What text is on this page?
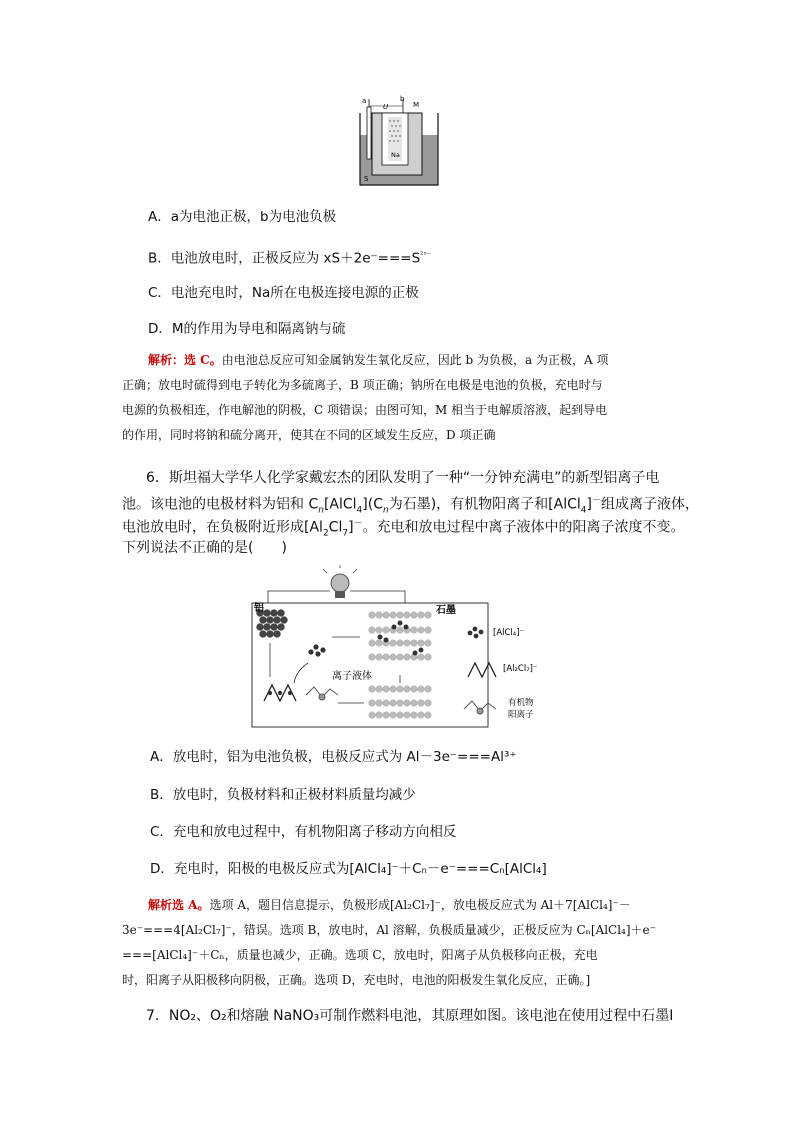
a
U
b
M
Na
S
A．a为电池正极，b为电池负极
B．电池放电时，正极反应为 $xS+2e^-===S^{^2ˣ^-}$
C．电池充电时，Na所在电极连接电源的正极
D．M的作用为导电和隔离钠与硫
解析：选 C。由电池总反应可知金属钠发生氧化反应，因此 b 为负极，a 为正极，A 项
正确；放电时硫得到电子转化为多硫离子，B 项正确；钠所在电极是电池的负极，充电时与
电源的负极相连，作电解池的阴极，C 项错误；由图可知，M 相当于电解质溶液，起到导电
的作用，同时将钠和硫分离开，使其在不同的区域发生反应，D 项正确
6．斯坦福大学华人化学家戴宏杰的团队发明了一种“一分钟充满电”的新型铝离子电
池。该电池的电极材料为铝和 $C_n[AlCl_4](C_n$为石墨)，有机物阳离子和[AlCl$_4$]－组成离子液体，
电池放电时，在负极附近形成$[Al_2Cl_7]^-$。充电和放电过程中离子液体中的阳离子浓度不变。
下列说法不正确的是(　　)
铝	石墨
离子液体
[AlCl₄]⁻
[Al₂Cl₇]⁻
有机物
阳离子
A．放电时，铝为电池负极，电极反应式为 Al－3e⁻===Al³⁺
B．放电时，负极材料和正极材料质量均减少
C．充电和放电过程中，有机物阳离子移动方向相反
D．充电时，阳极的电极反应式为[AlCl₄]⁻＋Cₙ－e⁻===Cₙ[AlCl₄]
解析选 A。选项 A，题目信息提示，负极形成[Al₂Cl₇]⁻，放电极反应式为 Al＋7[AlCl₄]⁻－
3e⁻===4[Al₂Cl₇]⁻，错误。选项 B，放电时，Al 溶解，负极质量减少，正极反应为 Cₙ[AlCl₄]＋e⁻
===[AlCl₄]⁻＋Cₙ，质量也减少，正确。选项 C，放电时，阳离子从负极移向正极，充电
时，阳离子从阳极移向阴极，正确。选项 D，充电时，电池的阳极发生氧化反应，正确。]
7．NO₂、O₂和熔融 NaNO₃可制作燃料电池，其原理如图。该电池在使用过程中石墨Ⅰ
